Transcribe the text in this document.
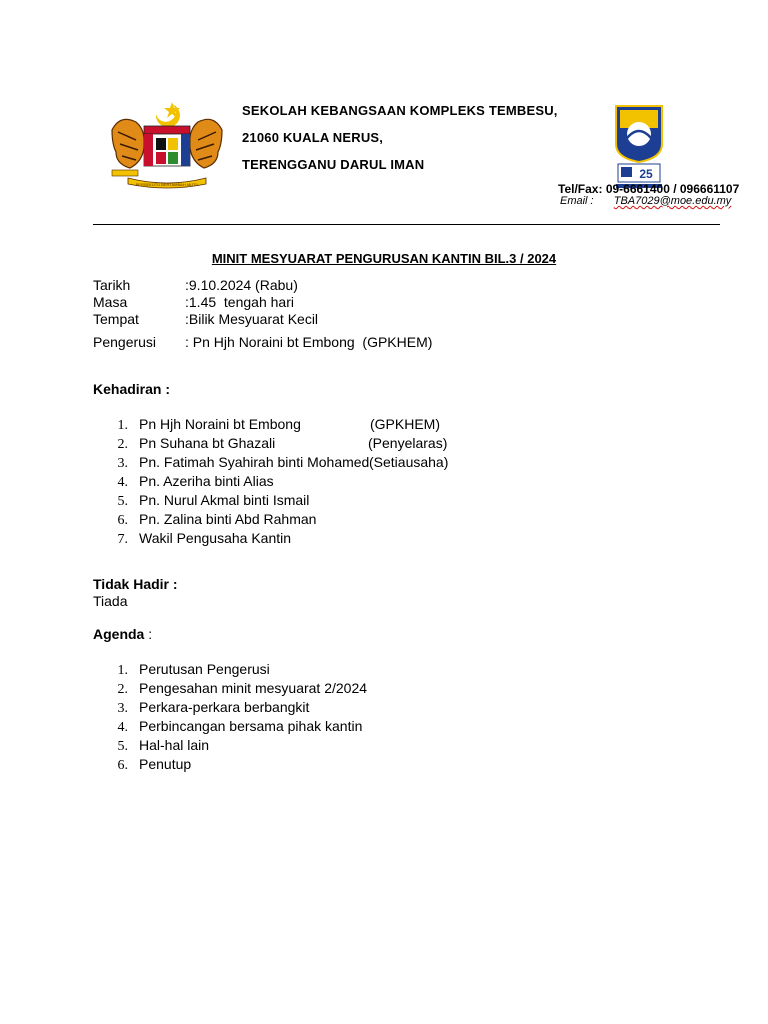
BERSEKUTU BERTAMBAH MUTU
SEKOLAH KEBANGSAAN KOMPLEKS TEMBESU,
21060 KUALA NERUS,
TERENGGANU DARUL IMAN
25
Tel/Fax: 09-6661400 / 096661107
Email : TBA7029@moe.edu.my
MINIT MESYUARAT PENGURUSAN KANTIN BIL.3 / 2024
Tarikh	:9.10.2024 (Rabu)
Masa	:1.45  tengah hari
Tempat	:Bilik Mesyuarat Kecil
Pengerusi : Pn Hjh Noraini bt Embong  (GPKHEM)
Kehadiran :
1. Pn Hjh Noraini bt Embong	(GPKHEM)
2. Pn Suhana bt Ghazali	(Penyelaras)
3. Pn. Fatimah Syahirah binti Mohamed (Setiausaha)
4. Pn. Azeriha binti Alias
5. Pn. Nurul Akmal binti Ismail
6. Pn. Zalina binti Abd Rahman
7. Wakil Pengusaha Kantin
Tidak Hadir :
Tiada
Agenda :
1. Perutusan Pengerusi
2. Pengesahan minit mesyuarat 2/2024
3. Perkara-perkara berbangkit
4. Perbincangan bersama pihak kantin
5. Hal-hal lain
6. Penutup
